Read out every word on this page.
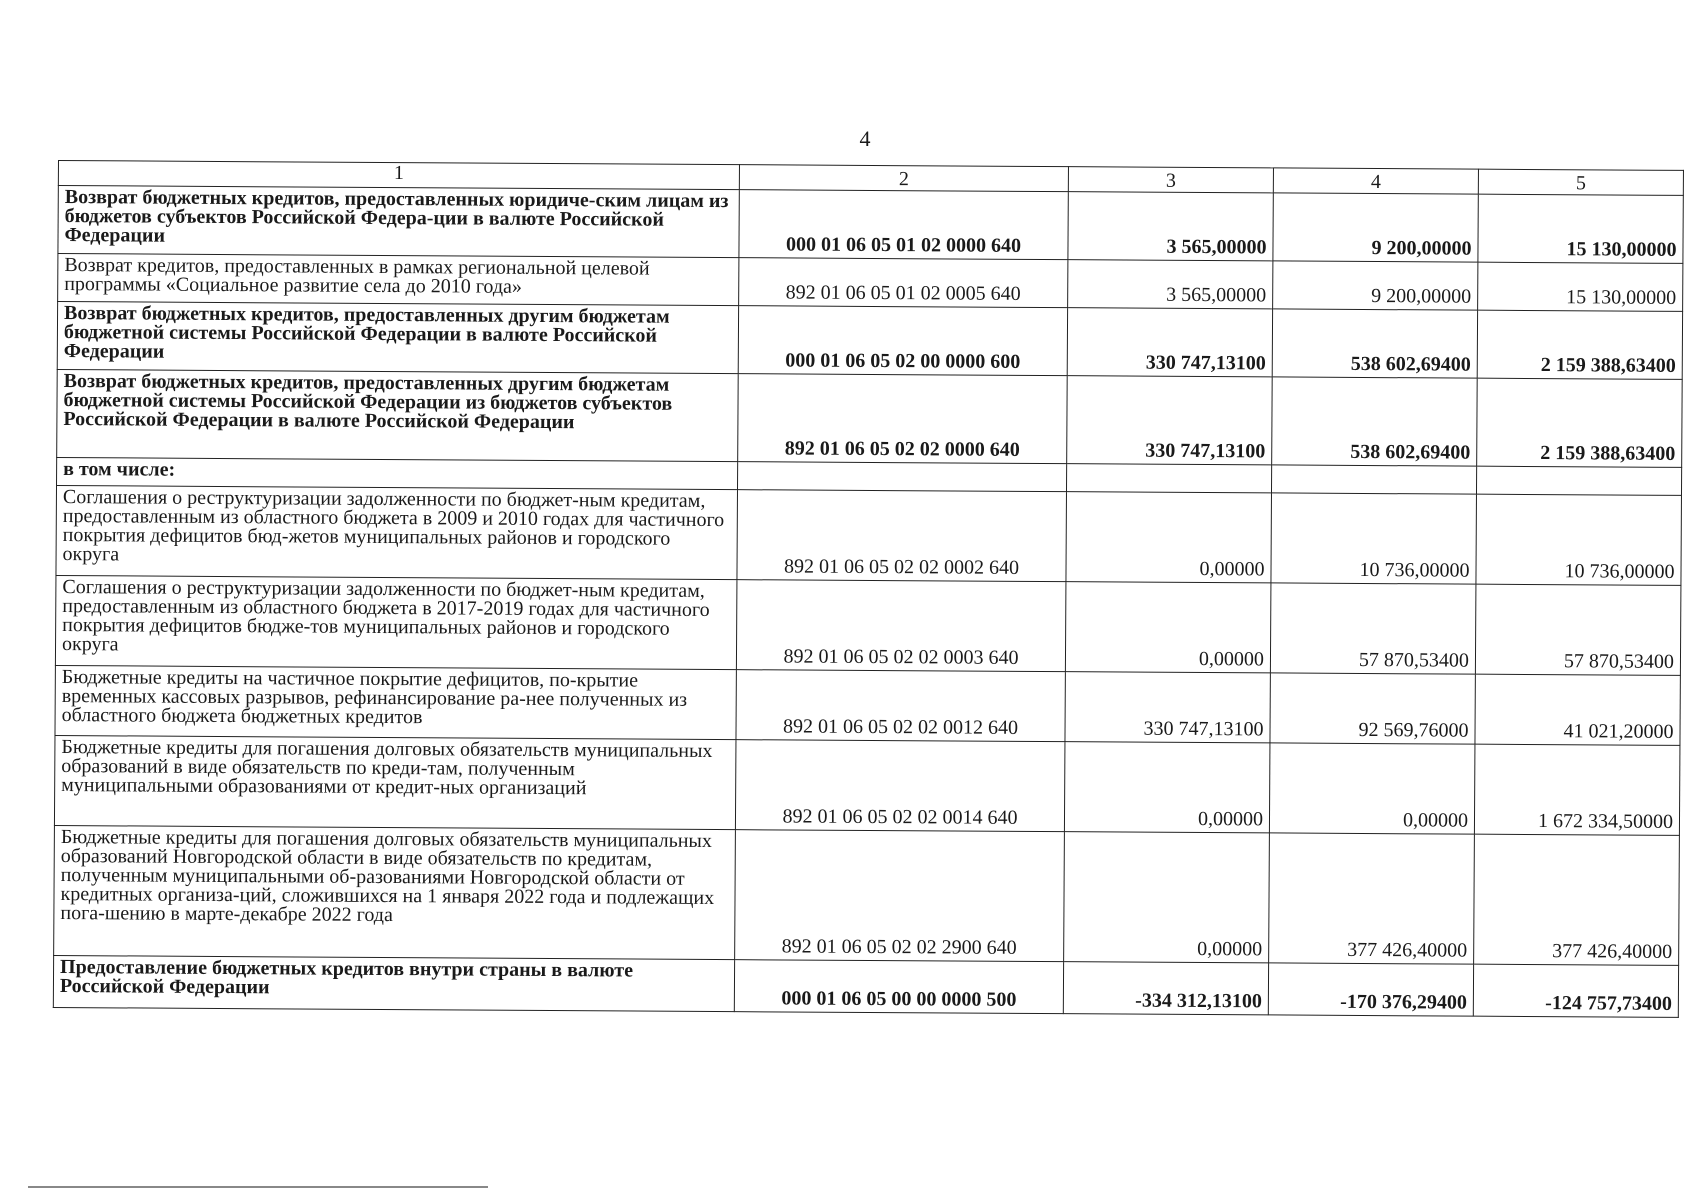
4
1	2	3	4	5
Возврат бюджетных кредитов, предоставленных юридиче-ским лицам из бюджетов субъектов Российской Федера-ции в валюте Российской Федерации	000 01 06 05 01 02 0000 640	3 565,00000	9 200,00000	15 130,00000
Возврат кредитов, предоставленных в рамках региональной целевой программы «Социальное развитие села до 2010 года»	892 01 06 05 01 02 0005 640	3 565,00000	9 200,00000	15 130,00000
Возврат бюджетных кредитов, предоставленных другим бюджетам бюджетной системы Российской Федерации в валюте Российской Федерации	000 01 06 05 02 00 0000 600	330 747,13100	538 602,69400	2 159 388,63400
Возврат бюджетных кредитов, предоставленных другим бюджетам бюджетной системы Российской Федерации из бюджетов субъектов Российской Федерации в валюте Российской Федерации	892 01 06 05 02 02 0000 640	330 747,13100	538 602,69400	2 159 388,63400
в том числе:				
Соглашения о реструктуризации задолженности по бюджет-ным кредитам, предоставленным из областного бюджета в 2009 и 2010 годах для частичного покрытия дефицитов бюд-жетов муниципальных районов и городского округа	892 01 06 05 02 02 0002 640	0,00000	10 736,00000	10 736,00000
Соглашения о реструктуризации задолженности по бюджет-ным кредитам, предоставленным из областного бюджета в 2017-2019 годах для частичного покрытия дефицитов бюдже-тов муниципальных районов и городского округа	892 01 06 05 02 02 0003 640	0,00000	57 870,53400	57 870,53400
Бюджетные кредиты на частичное покрытие дефицитов, по-крытие временных кассовых разрывов, рефинансирование ра-нее полученных из областного бюджета бюджетных кредитов	892 01 06 05 02 02 0012 640	330 747,13100	92 569,76000	41 021,20000
Бюджетные кредиты для погашения долговых обязательств муниципальных образований в виде обязательств по креди-там, полученным муниципальными образованиями от кредит-ных организаций	892 01 06 05 02 02 0014 640	0,00000	0,00000	1 672 334,50000
Бюджетные кредиты для погашения долговых обязательств муниципальных образований Новгородской области в виде обязательств по кредитам, полученным муниципальными об-разованиями Новгородской области от кредитных организа-ций, сложившихся на 1 января 2022 года и подлежащих пога-шению в марте-декабре 2022 года	892 01 06 05 02 02 2900 640	0,00000	377 426,40000	377 426,40000
Предоставление бюджетных кредитов внутри страны в валюте Российской Федерации	000 01 06 05 00 00 0000 500	-334 312,13100	-170 376,29400	-124 757,73400
